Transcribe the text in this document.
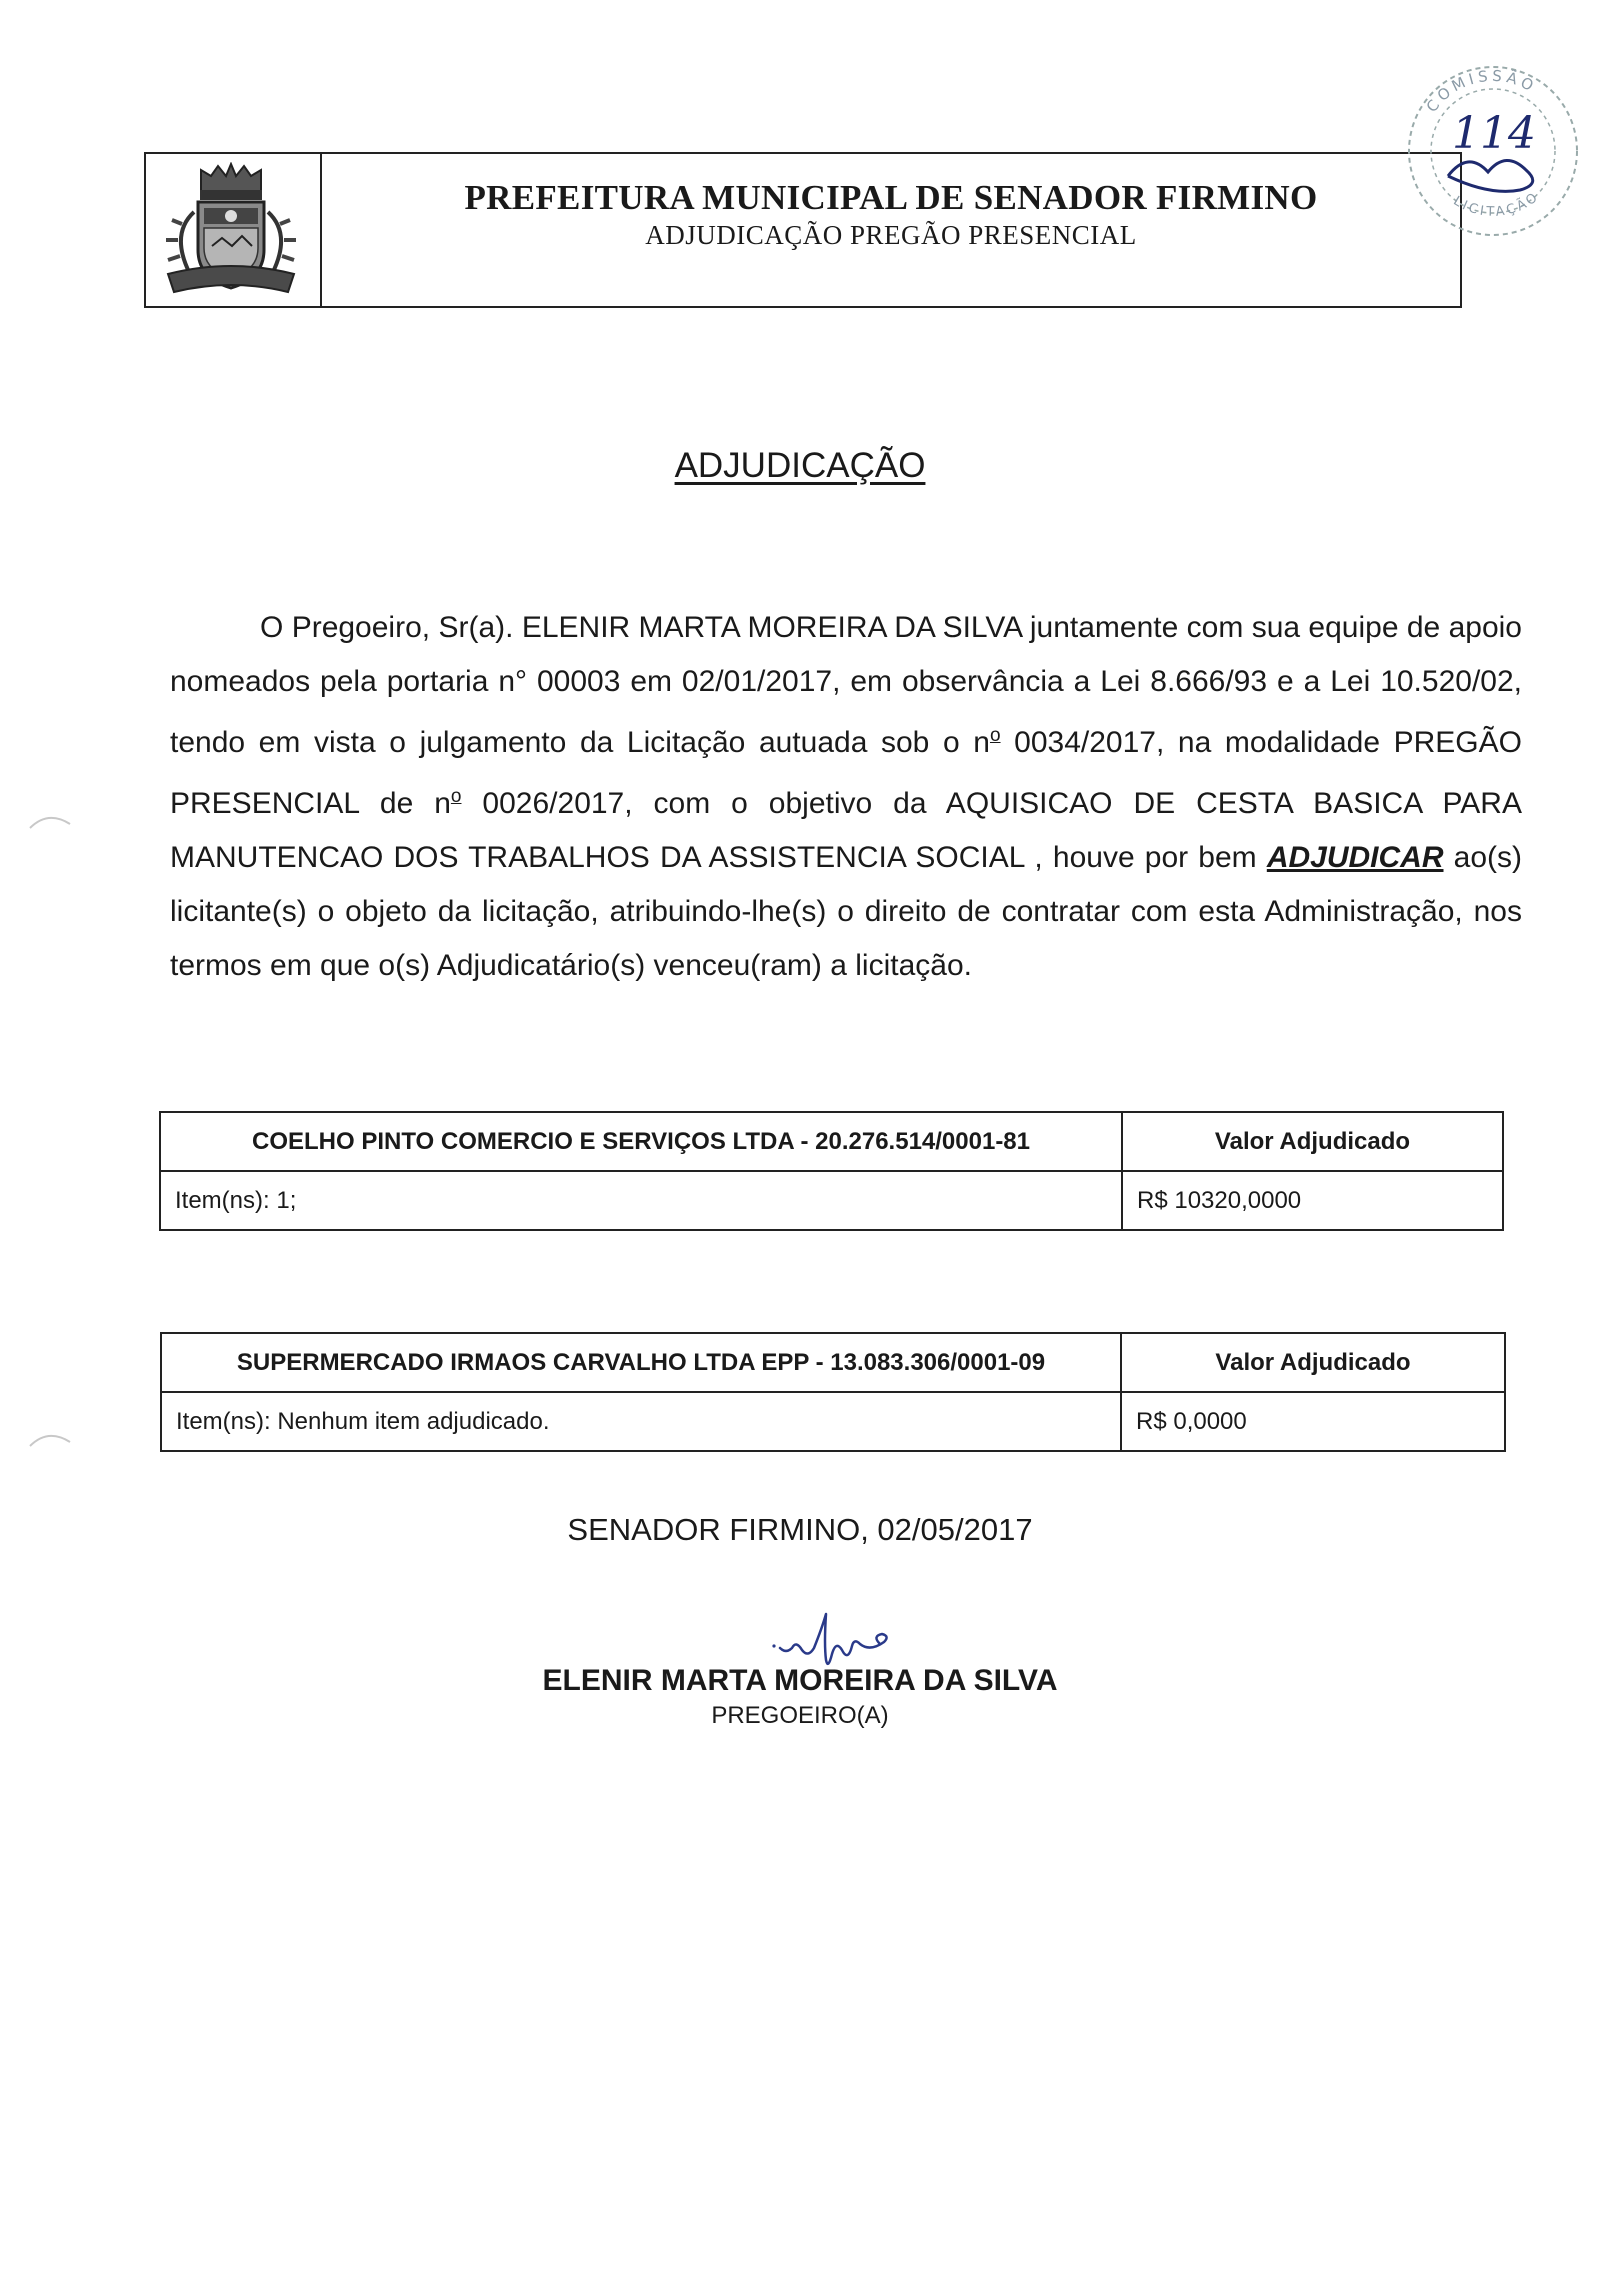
PREFEITURA MUNICIPAL DE SENADOR FIRMINO
ADJUDICAÇÃO PREGÃO PRESENCIAL
COMISSÃO
LICITAÇÃO
114
ADJUDICAÇÃO
O Pregoeiro, Sr(a). ELENIR MARTA MOREIRA DA SILVA juntamente com sua equipe de apoio nomeados pela portaria n° 00003 em 02/01/2017, em observância a Lei 8.666/93 e a Lei 10.520/02, tendo em vista o julgamento da Licitação autuada sob o $n^o$ 0034/2017, na modalidade PREGÃO PRESENCIAL de $n^o$ 0026/2017, com o objetivo da AQUISICAO DE CESTA BASICA PARA MANUTENCAO DOS TRABALHOS DA ASSISTENCIA SOCIAL , houve por bem ADJUDICAR ao(s) licitante(s) o objeto da licitação, atribuindo-lhe(s) o direito de contratar com esta Administração, nos termos em que o(s) Adjudicatário(s) venceu(ram) a licitação.
COELHO PINTO COMERCIO E SERVIÇOS LTDA - 20.276.514/0001-81	Valor Adjudicado
Item(ns): 1;	R$ 10320,0000
SUPERMERCADO IRMAOS CARVALHO LTDA EPP - 13.083.306/0001-09	Valor Adjudicado
Item(ns): Nenhum item adjudicado.	R$ 0,0000
SENADOR FIRMINO, 02/05/2017
ELENIR MARTA MOREIRA DA SILVA
PREGOEIRO(A)
